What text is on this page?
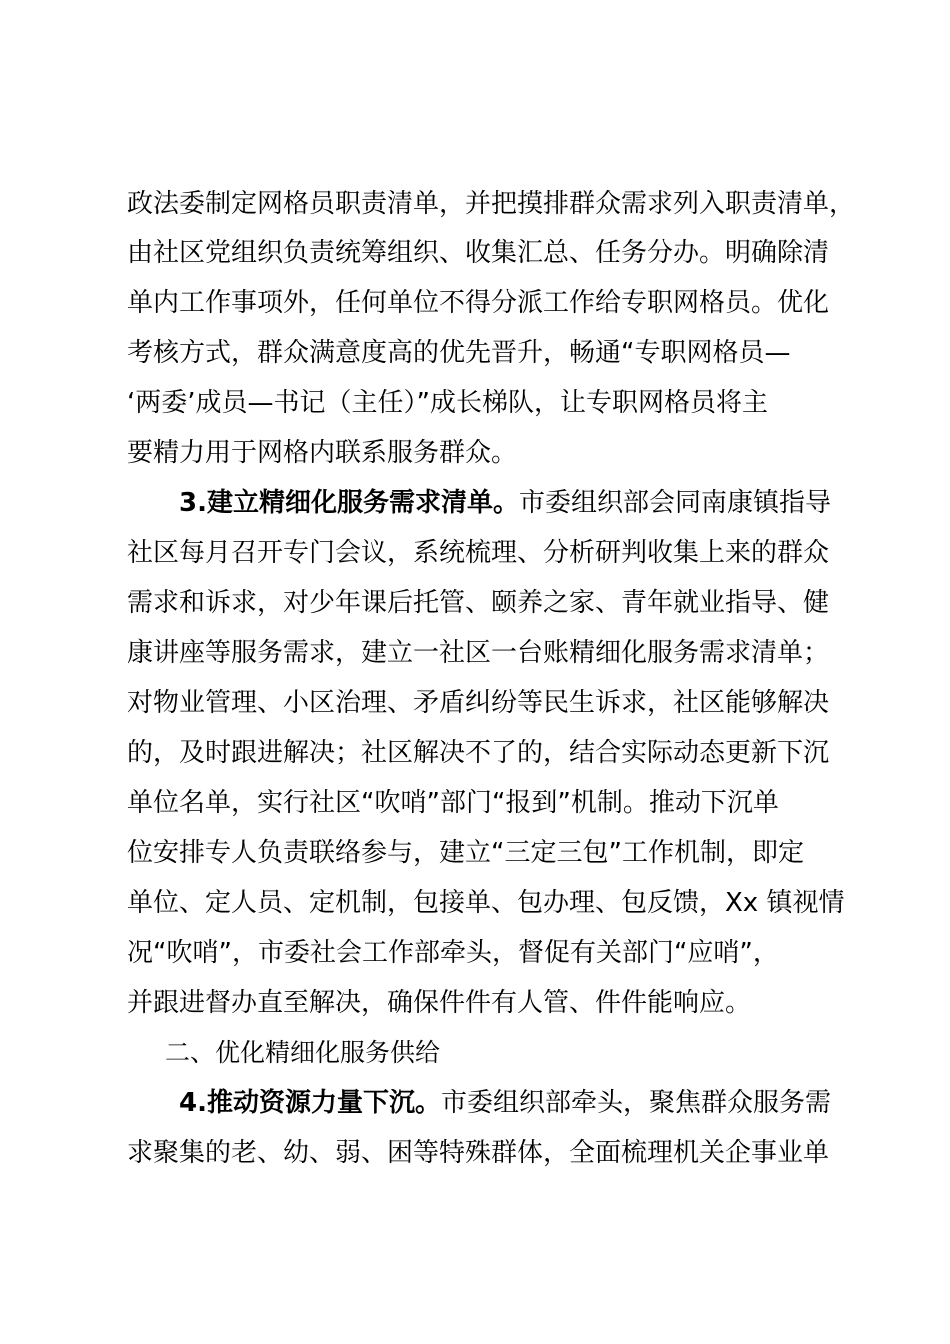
政法委制定网格员职责清单，并把摸排群众需求列入职责清单，
由社区党组织负责统筹组织、收集汇总、任务分办。明确除清
单内工作事项外，任何单位不得分派工作给专职网格员。优化
考核方式，群众满意度高的优先晋升，畅通“专职网格员—
‘两委’成员—书记（主任）”成长梯队，让专职网格员将主
要精力用于网格内联系服务群众。
3.建立精细化服务需求清单。市委组织部会同南康镇指导
社区每月召开专门会议，系统梳理、分析研判收集上来的群众
需求和诉求，对少年课后托管、颐养之家、青年就业指导、健
康讲座等服务需求，建立一社区一台账精细化服务需求清单；
对物业管理、小区治理、矛盾纠纷等民生诉求，社区能够解决
的，及时跟进解决；社区解决不了的，结合实际动态更新下沉
单位名单，实行社区“吹哨”部门“报到”机制。推动下沉单
位安排专人负责联络参与，建立“三定三包”工作机制，即定
单位、定人员、定机制，包接单、包办理、包反馈，Xx 镇视情
况“吹哨”，市委社会工作部牵头，督促有关部门“应哨”，
并跟进督办直至解决，确保件件有人管、件件能响应。
二、优化精细化服务供给
4.推动资源力量下沉。市委组织部牵头，聚焦群众服务需
求聚集的老、幼、弱、困等特殊群体，全面梳理机关企事业单
